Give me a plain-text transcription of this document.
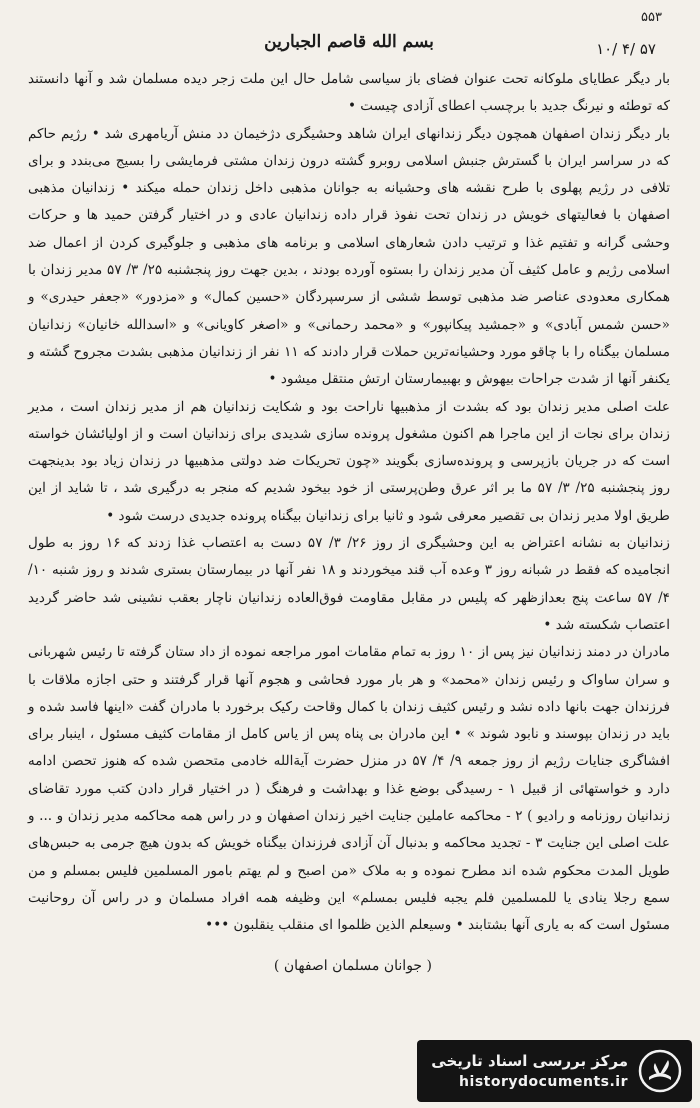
۵۵۳
بسم الله قاصم الجبارین	۱۰/ ۴/ ۵۷

بار دیگر عطایای ملوکانه تحت عنوان فضای باز سیاسی شامل حال این ملت زجر دیده مسلمان شد و آنها دانستند که توطئه و نیرنگ جدید با برچسب اعطای آزادی چیست •

بار دیگر زندان اصفهان همچون دیگر زندانهای ایران شاهد وحشیگری دژخیمان دد منش آریامهری شد • رژیم حاکم که در سراسر ایران با گسترش جنبش اسلامی روبرو گشته درون زندان مشتی فرمایشی را بسیج می‌بندد و برای تلافی در رژیم پهلوی با طرح نقشه های وحشیانه به جوانان مذهبی داخل زندان حمله میکند • زندانیان مذهبی اصفهان با فعالیتهای خویش در زندان تحت نفوذ قرار داده زندانیان عادی و در اختیار گرفتن حمید ها و حرکات وحشی گرانه و تفتیم غذا و ترتیب دادن شعارهای اسلامی و برنامه های مذهبی و جلوگیری کردن از اعمال ضد اسلامی رژیم و عامل کثیف آن مدیر زندان را بستوه آورده بودند ، بدین جهت روز پنجشنبه ۲۵/ ۳/ ۵۷ مدیر زندان با همکاری معدودی عناصر ضد مذهبی توسط ششی از سرسپردگان «حسین کمال» و «مزدور» «جعفر حیدری» و «حسن شمس آبادی» و «جمشید پیکانپور» و «محمد رحمانی» و «اصغر کاویانی» و «اسدالله خانیان» زندانیان مسلمان بیگناه را با چاقو مورد وحشیانه‌ترین حملات قرار دادند که ۱۱ نفر از زندانیان مذهبی بشدت مجروح گشته و یکنفر آنها از شدت جراحات بیهوش و بهبیمارستان ارتش منتقل میشود •

علت اصلی مدیر زندان بود که بشدت از مذهبیها ناراحت بود و شکایت زندانیان هم از مدیر زندان است ، مدیر زندان برای نجات از این ماجرا هم اکنون مشغول پرونده سازی شدیدی برای زندانیان است و از اولیائشان خواسته است که در جریان بازپرسی و پرونده‌سازی بگویند «چون تحریکات ضد دولتی مذهبیها در زندان زیاد بود بدینجهت روز پنجشنبه ۲۵/ ۳/ ۵۷ ما بر اثر عرق وطن‌پرستی از خود بیخود شدیم که منجر به درگیری شد ، تا شاید از این طریق اولا مدیر زندان بی تقصیر معرفی شود و ثانیا برای زندانیان بیگناه پرونده جدیدی درست شود •

زندانیان به نشانه اعتراض به این وحشیگری از روز ۲۶/ ۳/ ۵۷ دست به اعتصاب غذا زدند که ۱۶ روز به طول انجامیده که فقط در شبانه روز ۳ وعده آب قند میخوردند و ۱۸ نفر آنها در بیمارستان بستری شدند و روز شنبه ۱۰/ ۴/ ۵۷ ساعت پنج بعدازظهر که پلیس در مقابل مقاومت فوق‌العاده زندانیان ناچار بعقب نشینی شد حاضر گردید اعتصاب شکسته شد •

مادران در دمند زندانیان نیز پس از ۱۰ روز به تمام مقامات امور مراجعه نموده از داد ستان گرفته تا رئیس شهربانی و سران ساواک و رئیس زندان «محمد» و هر بار مورد فحاشی و هجوم آنها قرار گرفتند و حتی اجازه ملاقات با فرزندان جهت بانها داده نشد و رئیس کثیف زندان با کمال وقاحت رکیک برخورد با مادران گفت «اینها فاسد شده و باید در زندان بپوسند و نابود شوند » • این مادران بی پناه پس از یاس کامل از مقامات کثیف مسئول ، اینبار برای افشاگری جنایات رژیم از روز جمعه ۹/ ۴/ ۵۷ در منزل حضرت آیة‌الله خادمی متحصن شده که هنوز تحصن ادامه دارد و خواستهائی از قبیل ۱ - رسیدگی بوضع غذا و بهداشت و فرهنگ ( در اختیار قرار دادن کتب مورد تقاضای زندانیان روزنامه و رادیو ) ۲ - محاکمه عاملین جنایت اخیر زندان اصفهان و در راس همه محاکمه مدیر زندان و ... و علت اصلی این جنایت ۳ - تجدید محاکمه و بدنبال آن آزادی فرزندان بیگناه خویش که بدون هیچ جرمی به حبس‌های طویل المدت محکوم شده اند مطرح نموده و به ملاک «من اصبح و لم یهتم بامور المسلمین فلیس بمسلم و من سمع رجلا ینادی یا للمسلمین فلم یجبه فلیس بمسلم» این وظیفه همه افراد مسلمان و در راس آن روحانیت مسئول است که به یاری آنها بشتابند • وسیعلم الذین ظلموا ای منقلب ینقلبون •••

( جوانان مسلمان اصفهان )
مرکز بررسی اسناد تاریخی
historydocuments.ir
